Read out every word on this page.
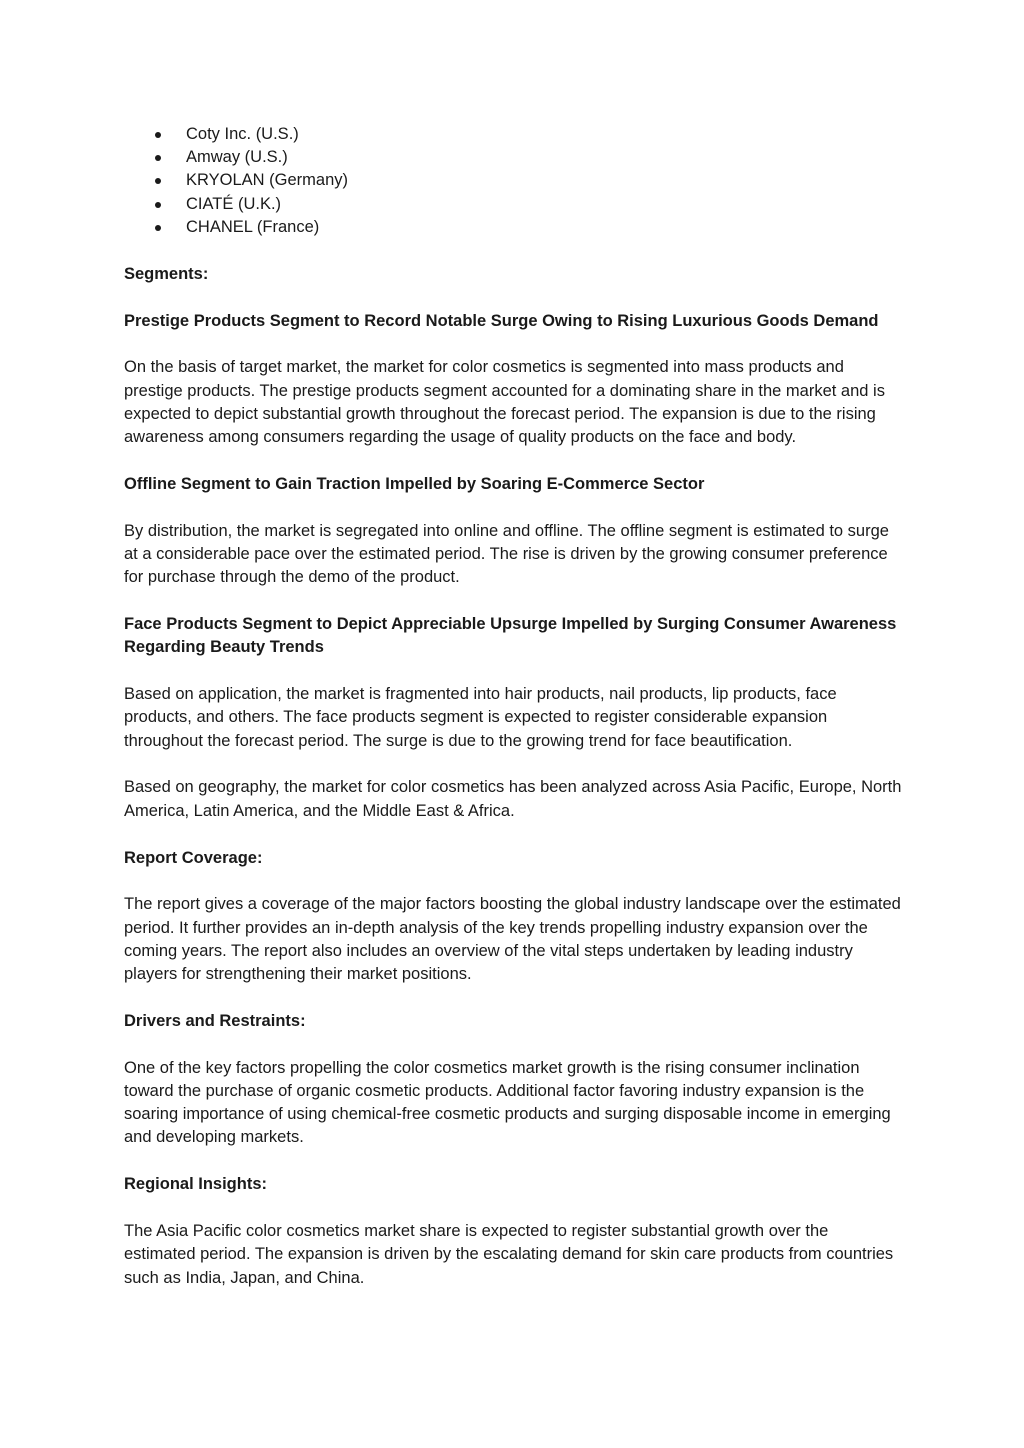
Coty Inc. (U.S.)
Amway (U.S.)
KRYOLAN (Germany)
CIATÉ (U.K.)
CHANEL (France)

Segments:

Prestige Products Segment to Record Notable Surge Owing to Rising Luxurious Goods Demand

On the basis of target market, the market for color cosmetics is segmented into mass products and prestige products. The prestige products segment accounted for a dominating share in the market and is expected to depict substantial growth throughout the forecast period. The expansion is due to the rising awareness among consumers regarding the usage of quality products on the face and body.

Offline Segment to Gain Traction Impelled by Soaring E-Commerce Sector

By distribution, the market is segregated into online and offline. The offline segment is estimated to surge at a considerable pace over the estimated period. The rise is driven by the growing consumer preference for purchase through the demo of the product.

Face Products Segment to Depict Appreciable Upsurge Impelled by Surging Consumer Awareness Regarding Beauty Trends

Based on application, the market is fragmented into hair products, nail products, lip products, face products, and others. The face products segment is expected to register considerable expansion throughout the forecast period. The surge is due to the growing trend for face beautification.

Based on geography, the market for color cosmetics has been analyzed across Asia Pacific, Europe, North America, Latin America, and the Middle East & Africa.

Report Coverage:

The report gives a coverage of the major factors boosting the global industry landscape over the estimated period. It further provides an in-depth analysis of the key trends propelling industry expansion over the coming years. The report also includes an overview of the vital steps undertaken by leading industry players for strengthening their market positions.

Drivers and Restraints:

One of the key factors propelling the color cosmetics market growth is the rising consumer inclination toward the purchase of organic cosmetic products. Additional factor favoring industry expansion is the soaring importance of using chemical-free cosmetic products and surging disposable income in emerging and developing markets.

Regional Insights:

The Asia Pacific color cosmetics market share is expected to register substantial growth over the estimated period. The expansion is driven by the escalating demand for skin care products from countries such as India, Japan, and China.
